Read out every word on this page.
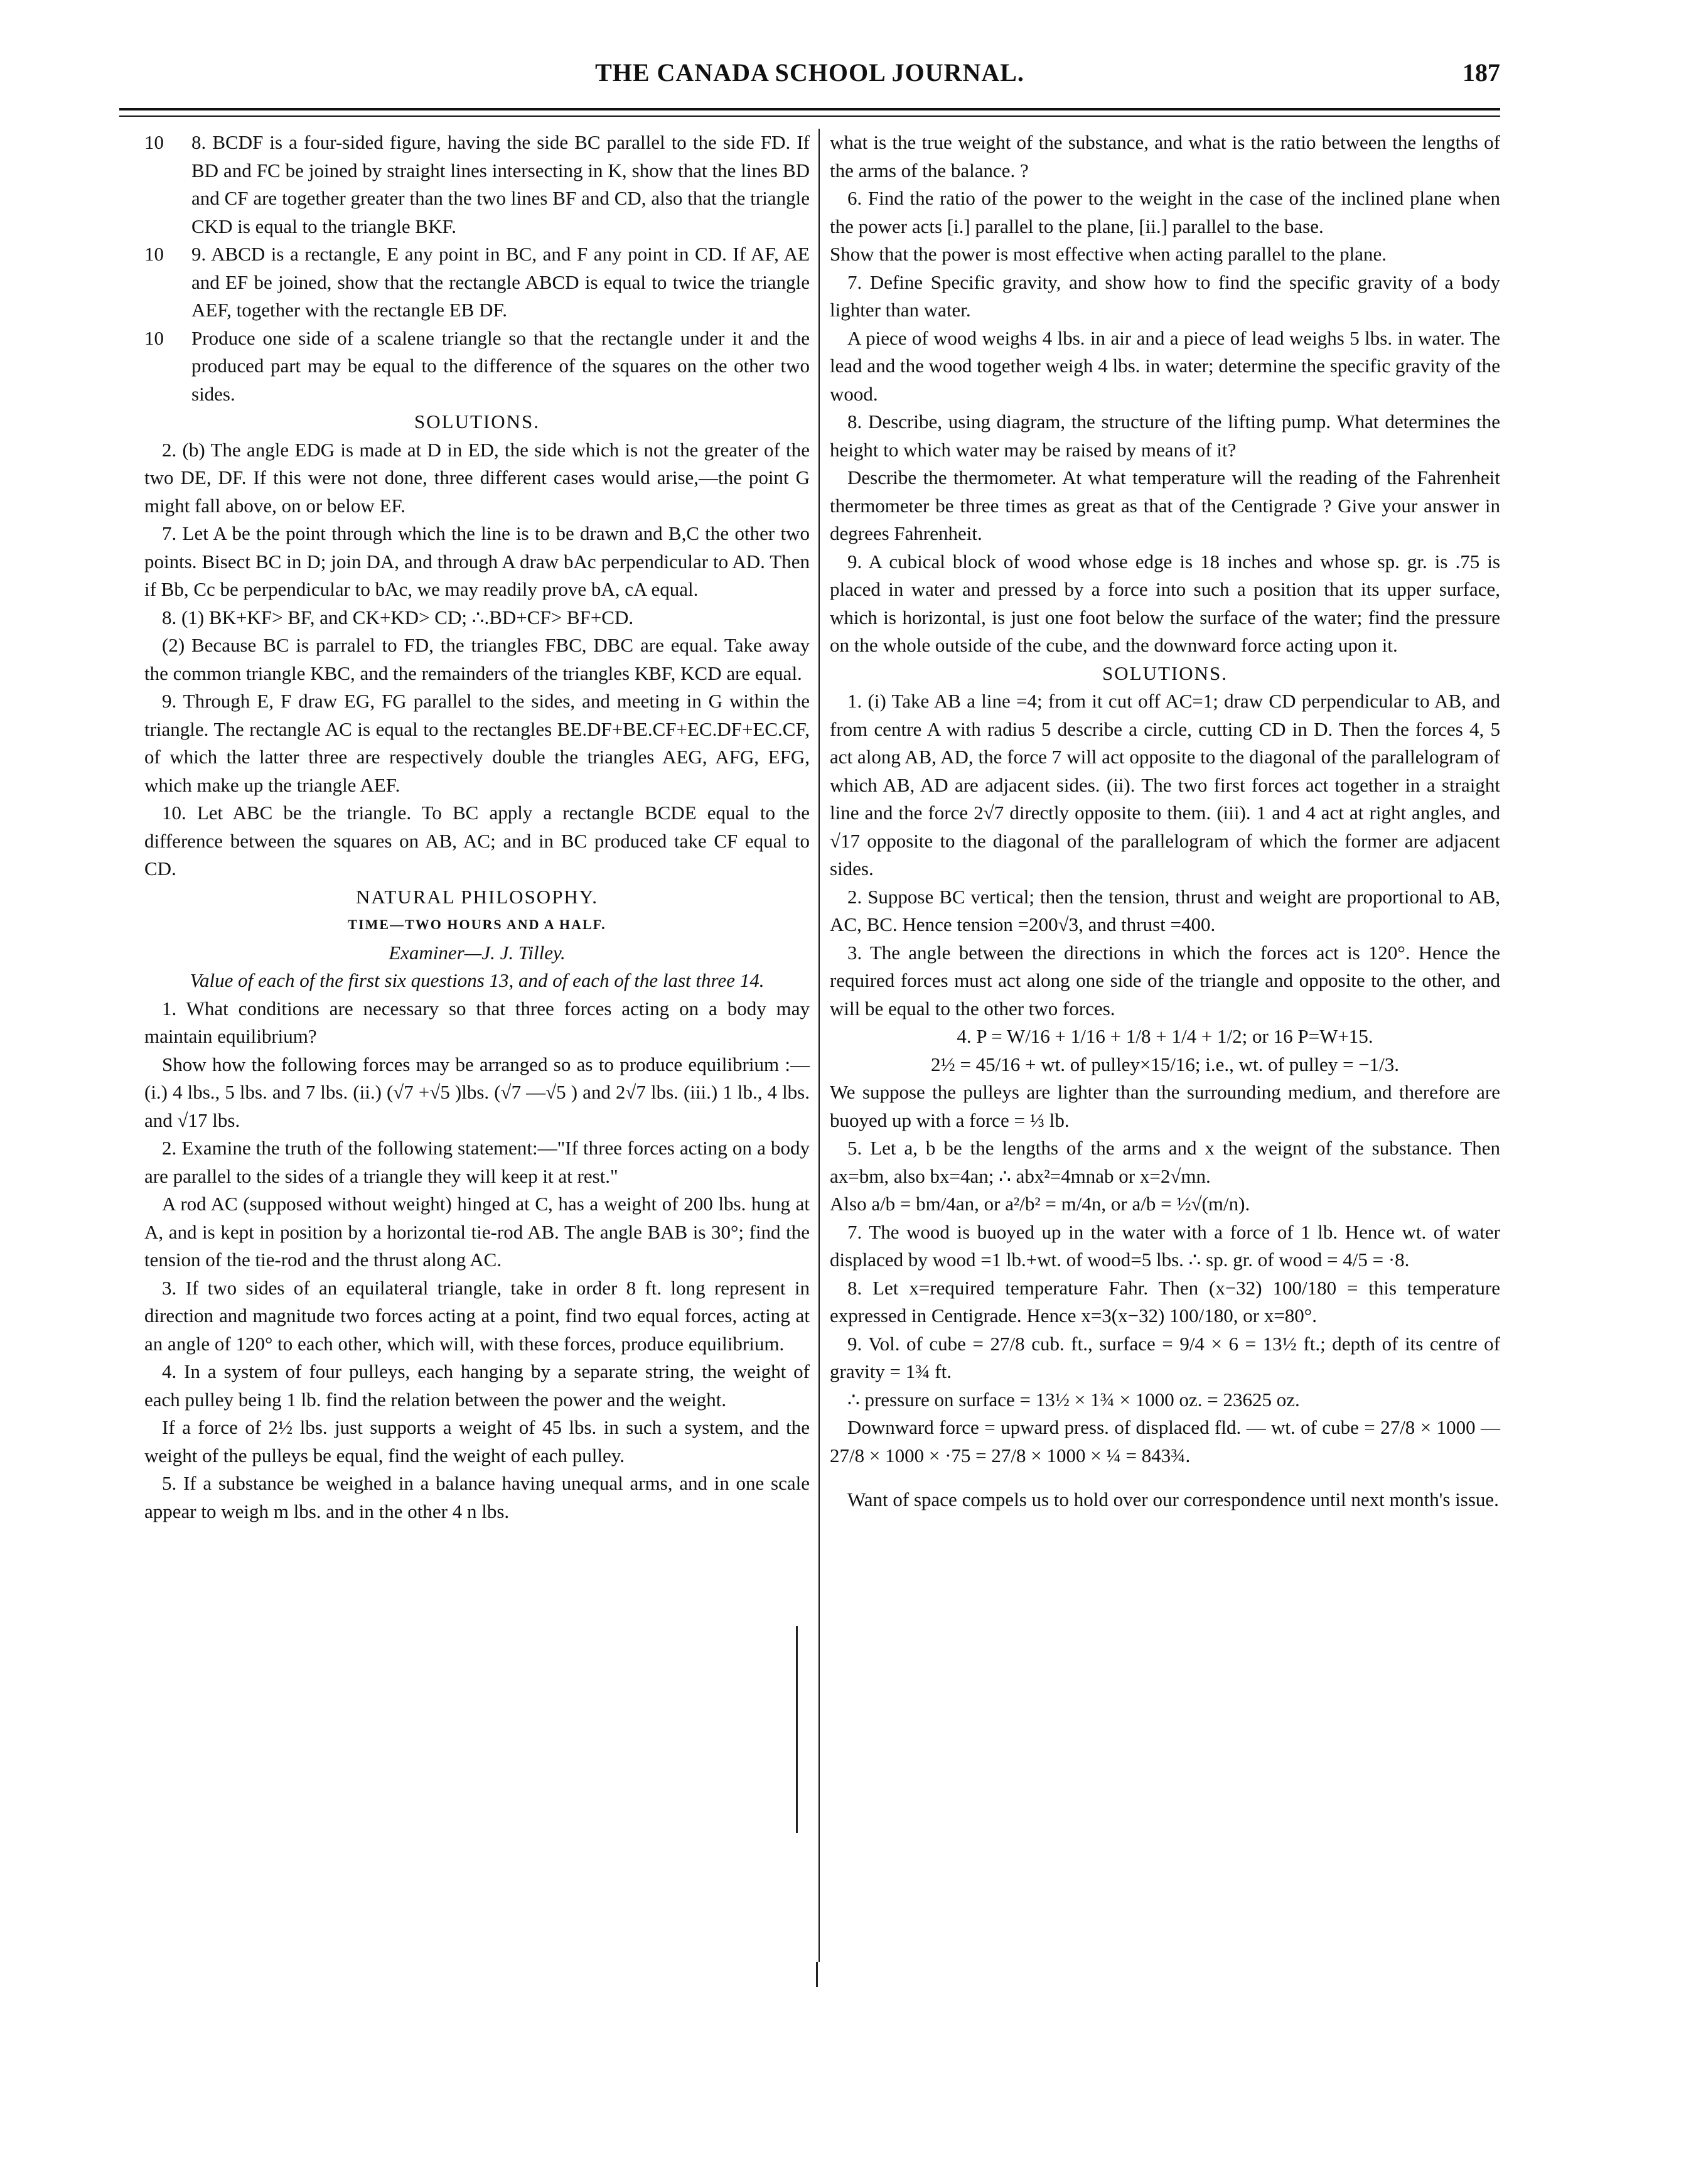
THE CANADA SCHOOL JOURNAL.	187
10	8. BCDF is a four-sided figure, having the side BC parallel to the side FD. If BD and FC be joined by straight lines intersecting in K, show that the lines BD and CF are together greater than the two lines BF and CD, also that the triangle CKD is equal to the triangle BKF.
10	9. ABCD is a rectangle, E any point in BC, and F any point in CD. If AF, AE and EF be joined, show that the rectangle ABCD is equal to twice the triangle AEF, together with the rectangle EB DF.
10	Produce one side of a scalene triangle so that the rectangle under it and the produced part may be equal to the difference of the squares on the other two sides.

SOLUTIONS.

2. (b) The angle EDG is made at D in ED, the side which is not the greater of the two DE, DF. If this were not done, three different cases would arise,—the point G might fall above, on or below EF.

7. Let A be the point through which the line is to be drawn and B,C the other two points. Bisect BC in D; join DA, and through A draw bAc perpendicular to AD. Then if Bb, Cc be perpendicular to bAc, we may readily prove bA, cA equal.

8. (1) BK+KF> BF, and CK+KD> CD; ∴.BD+CF> BF+CD.

(2) Because BC is parralel to FD, the triangles FBC, DBC are equal. Take away the common triangle KBC, and the remainders of the triangles KBF, KCD are equal.

9. Through E, F draw EG, FG parallel to the sides, and meeting in G within the triangle. The rectangle AC is equal to the rectangles BE.DF+BE.CF+EC.DF+EC.CF, of which the latter three are respectively double the triangles AEG, AFG, EFG, which make up the triangle AEF.

10. Let ABC be the triangle. To BC apply a rectangle BCDE equal to the difference between the squares on AB, AC; and in BC produced take CF equal to CD.

NATURAL PHILOSOPHY.

TIME—TWO HOURS AND A HALF.

Examiner—J. J. Tilley.

Value of each of the first six questions 13, and of each of the last three 14.

1. What conditions are necessary so that three forces acting on a body may maintain equilibrium?

Show how the following forces may be arranged so as to produce equilibrium :—(i.) 4 lbs., 5 lbs. and 7 lbs. (ii.) (√7 +√5 )lbs. (√7 —√5 ) and 2√7 lbs. (iii.) 1 lb., 4 lbs. and √17 lbs.

2. Examine the truth of the following statement:—"If three forces acting on a body are parallel to the sides of a triangle they will keep it at rest."

A rod AC (supposed without weight) hinged at C, has a weight of 200 lbs. hung at A, and is kept in position by a horizontal tie-rod AB. The angle BAB is 30°; find the tension of the tie-rod and the thrust along AC.

3. If two sides of an equilateral triangle, take in order 8 ft. long represent in direction and magnitude two forces acting at a point, find two equal forces, acting at an angle of 120° to each other, which will, with these forces, produce equilibrium.

4. In a system of four pulleys, each hanging by a separate string, the weight of each pulley being 1 lb. find the relation between the power and the weight.

If a force of 2½ lbs. just supports a weight of 45 lbs. in such a system, and the weight of the pulleys be equal, find the weight of each pulley.

5. If a substance be weighed in a balance having unequal arms, and in one scale appear to weigh m lbs. and in the other 4 n lbs.

what is the true weight of the substance, and what is the ratio between the lengths of the arms of the balance. ?

6. Find the ratio of the power to the weight in the case of the inclined plane when the power acts [i.] parallel to the plane, [ii.] parallel to the base.

Show that the power is most effective when acting parallel to the plane.

7. Define Specific gravity, and show how to find the specific gravity of a body lighter than water.

A piece of wood weighs 4 lbs. in air and a piece of lead weighs 5 lbs. in water. The lead and the wood together weigh 4 lbs. in water; determine the specific gravity of the wood.

8. Describe, using diagram, the structure of the lifting pump. What determines the height to which water may be raised by means of it?

Describe the thermometer. At what temperature will the reading of the Fahrenheit thermometer be three times as great as that of the Centigrade ? Give your answer in degrees Fahrenheit.

9. A cubical block of wood whose edge is 18 inches and whose sp. gr. is .75 is placed in water and pressed by a force into such a position that its upper surface, which is horizontal, is just one foot below the surface of the water; find the pressure on the whole outside of the cube, and the downward force acting upon it.

SOLUTIONS.

1. (i) Take AB a line =4; from it cut off AC=1; draw CD perpendicular to AB, and from centre A with radius 5 describe a circle, cutting CD in D. Then the forces 4, 5 act along AB, AD, the force 7 will act opposite to the diagonal of the parallelogram of which AB, AD are adjacent sides. (ii). The two first forces act together in a straight line and the force 2√7 directly opposite to them. (iii). 1 and 4 act at right angles, and √17 opposite to the diagonal of the parallelogram of which the former are adjacent sides.

2. Suppose BC vertical; then the tension, thrust and weight are proportional to AB, AC, BC. Hence tension =200√3, and thrust =400.

3. The angle between the directions in which the forces act is 120°. Hence the required forces must act along one side of the triangle and opposite to the other, and will be equal to the other two forces.

4. P = W/16 + 1/16 + 1/8 + 1/4 + 1/2; or 16 P=W+15.

2½ = 45/16 + wt. of pulley×15/16; i.e., wt. of pulley = −1/3.

We suppose the pulleys are lighter than the surrounding medium, and therefore are buoyed up with a force = ⅓ lb.

5. Let a, b be the lengths of the arms and x the weignt of the substance. Then ax=bm, also bx=4an; ∴ abx²=4mnab or x=2√mn.

Also a/b = bm/4an, or a²/b² = m/4n, or a/b = ½√(m/n).

7. The wood is buoyed up in the water with a force of 1 lb. Hence wt. of water displaced by wood =1 lb.+wt. of wood=5 lbs. ∴ sp. gr. of wood = 4/5 = ·8.

8. Let x=required temperature Fahr. Then (x−32) 100/180 = this temperature expressed in Centigrade. Hence x=3(x−32) 100/180, or x=80°.

9. Vol. of cube = 27/8 cub. ft., surface = 9/4 × 6 = 13½ ft.; depth of its centre of gravity = 1¾ ft.

∴ pressure on surface = 13½ × 1¾ × 1000 oz. = 23625 oz.

Downward force = upward press. of displaced fld. — wt. of cube = 27/8 × 1000 — 27/8 × 1000 × ·75 = 27/8 × 1000 × ¼ = 843¾.

Want of space compels us to hold over our correspondence until next month's issue.
